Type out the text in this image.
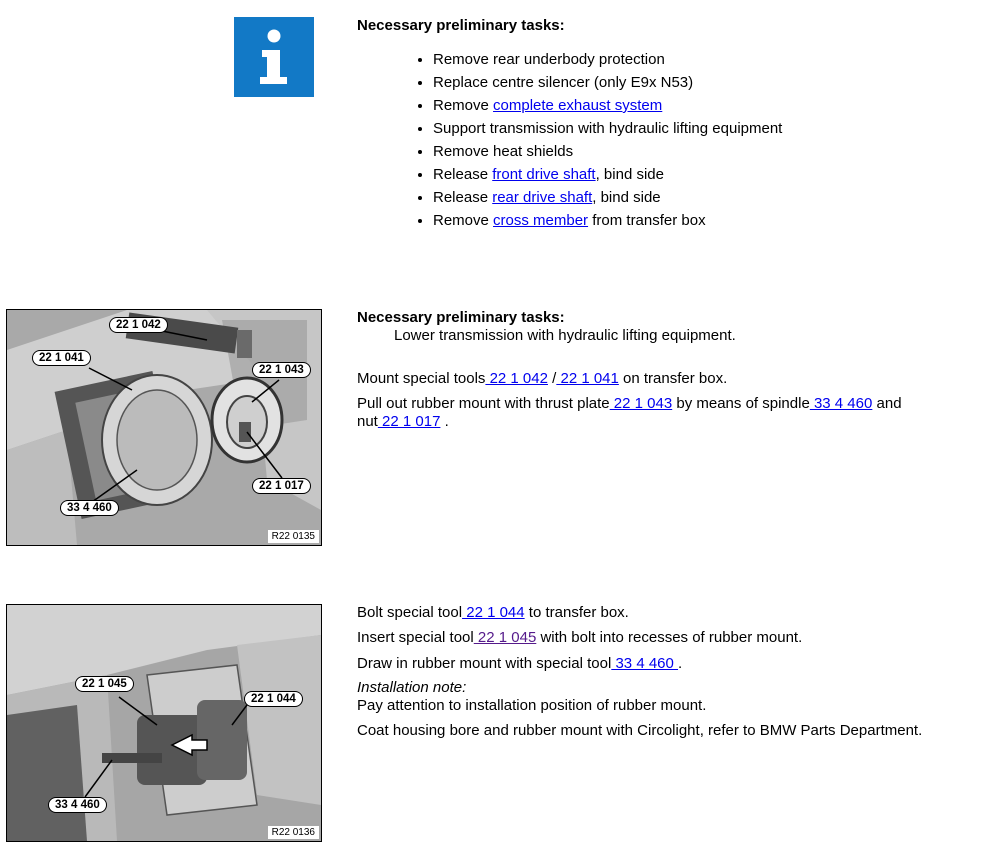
Necessary preliminary tasks:
• Remove rear underbody protection
• Replace centre silencer (only E9x N53)
• Remove complete exhaust system
• Support transmission with hydraulic lifting equipment
• Remove heat shields
• Release front drive shaft, bind side
• Release rear drive shaft, bind side
• Remove cross member from transfer box
22 1 042
22 1 041
22 1 043
22 1 017
33 4 460
R22 0135
Necessary preliminary tasks:
Lower transmission with hydraulic lifting equipment.
Mount special tools 22 1 042 / 22 1 041 on transfer box.
Pull out rubber mount with thrust plate 22 1 043 by means of spindle 33 4 460 and
nut 22 1 017 .
22 1 045
22 1 044
33 4 460
R22 0136
Bolt special tool 22 1 044 to transfer box.
Insert special tool 22 1 045 with bolt into recesses of rubber mount.
Draw in rubber mount with special tool 33 4 460 .
Installation note:
Pay attention to installation position of rubber mount.
Coat housing bore and rubber mount with Circolight, refer to BMW Parts Department.
